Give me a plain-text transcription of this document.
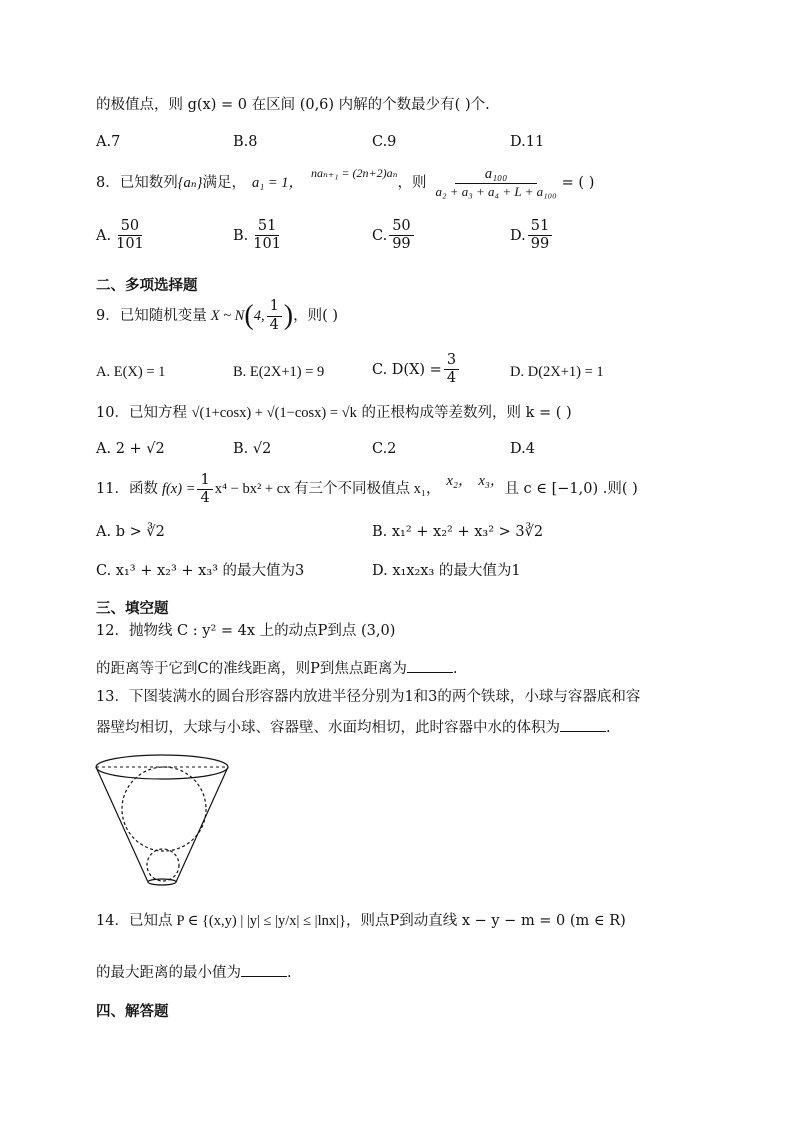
的极值点，则 g(x) = 0 在区间 (0,6) 内解的个数最少有( )个.
A.7	B.8	C.9	D.11
8．已知数列 {aₙ} 满足， a₁ = 1，
naₙ₊₁ = (2n+2)aₙ
，则 $\frac{\text{a₁₀₀}}{\text{a₂ + a₃ + a₄ + L + a₁₀₀}}$ = ( )
A. $\frac{50}{101}$	B. $\frac{51}{101}$	C. $\frac{50}{99}$	D. $\frac{51}{99}$
二、多项选择题
9．已知随机变量 X ~ N ( 4, $\frac{1}{4}$ ) ，则( )
A. E(X) = 1	B. E(2X+1) = 9	C. $D(X) = \frac{3}{4}$	D. D(2X+1) = 1
10．已知方程 √(1+cosx) + √(1−cosx) = √k 的正根构成等差数列，则 k = ( )
A. 2 + √2	B. √2	C.2	D.4
11．函数 $f(x) = \frac{1}{4} x^4 - bx^2$ + cx 有三个不同极值点 x₁， x₂， x₃， 且 c ∈ [−1,0) .则( )
A. b > ∛2	B. x₁² + x₂² + x₃² > 3∛2
C. x₁³ + x₂³ + x₃³ 的最大值为3	D. x₁x₂x₃ 的最大值为1
三、填空题
12．抛物线 C : y² = 4x 上的动点P到点 (3,0)
的距离等于它到C的准线距离，则P到焦点距离为	.
13．下图装满水的圆台形容器内放进半径分别为1和3的两个铁球，小球与容器底和容
器壁均相切，大球与小球、容器壁、水面均相切，此时容器中水的体积为	.
14．已知点 P ∈ {(x,y) | |y| ≤ |y/x| ≤ |lnx|} ，则点P到动直线 x − y − m = 0 (m ∈ R)
的最大距离的最小值为	.
四、解答题
